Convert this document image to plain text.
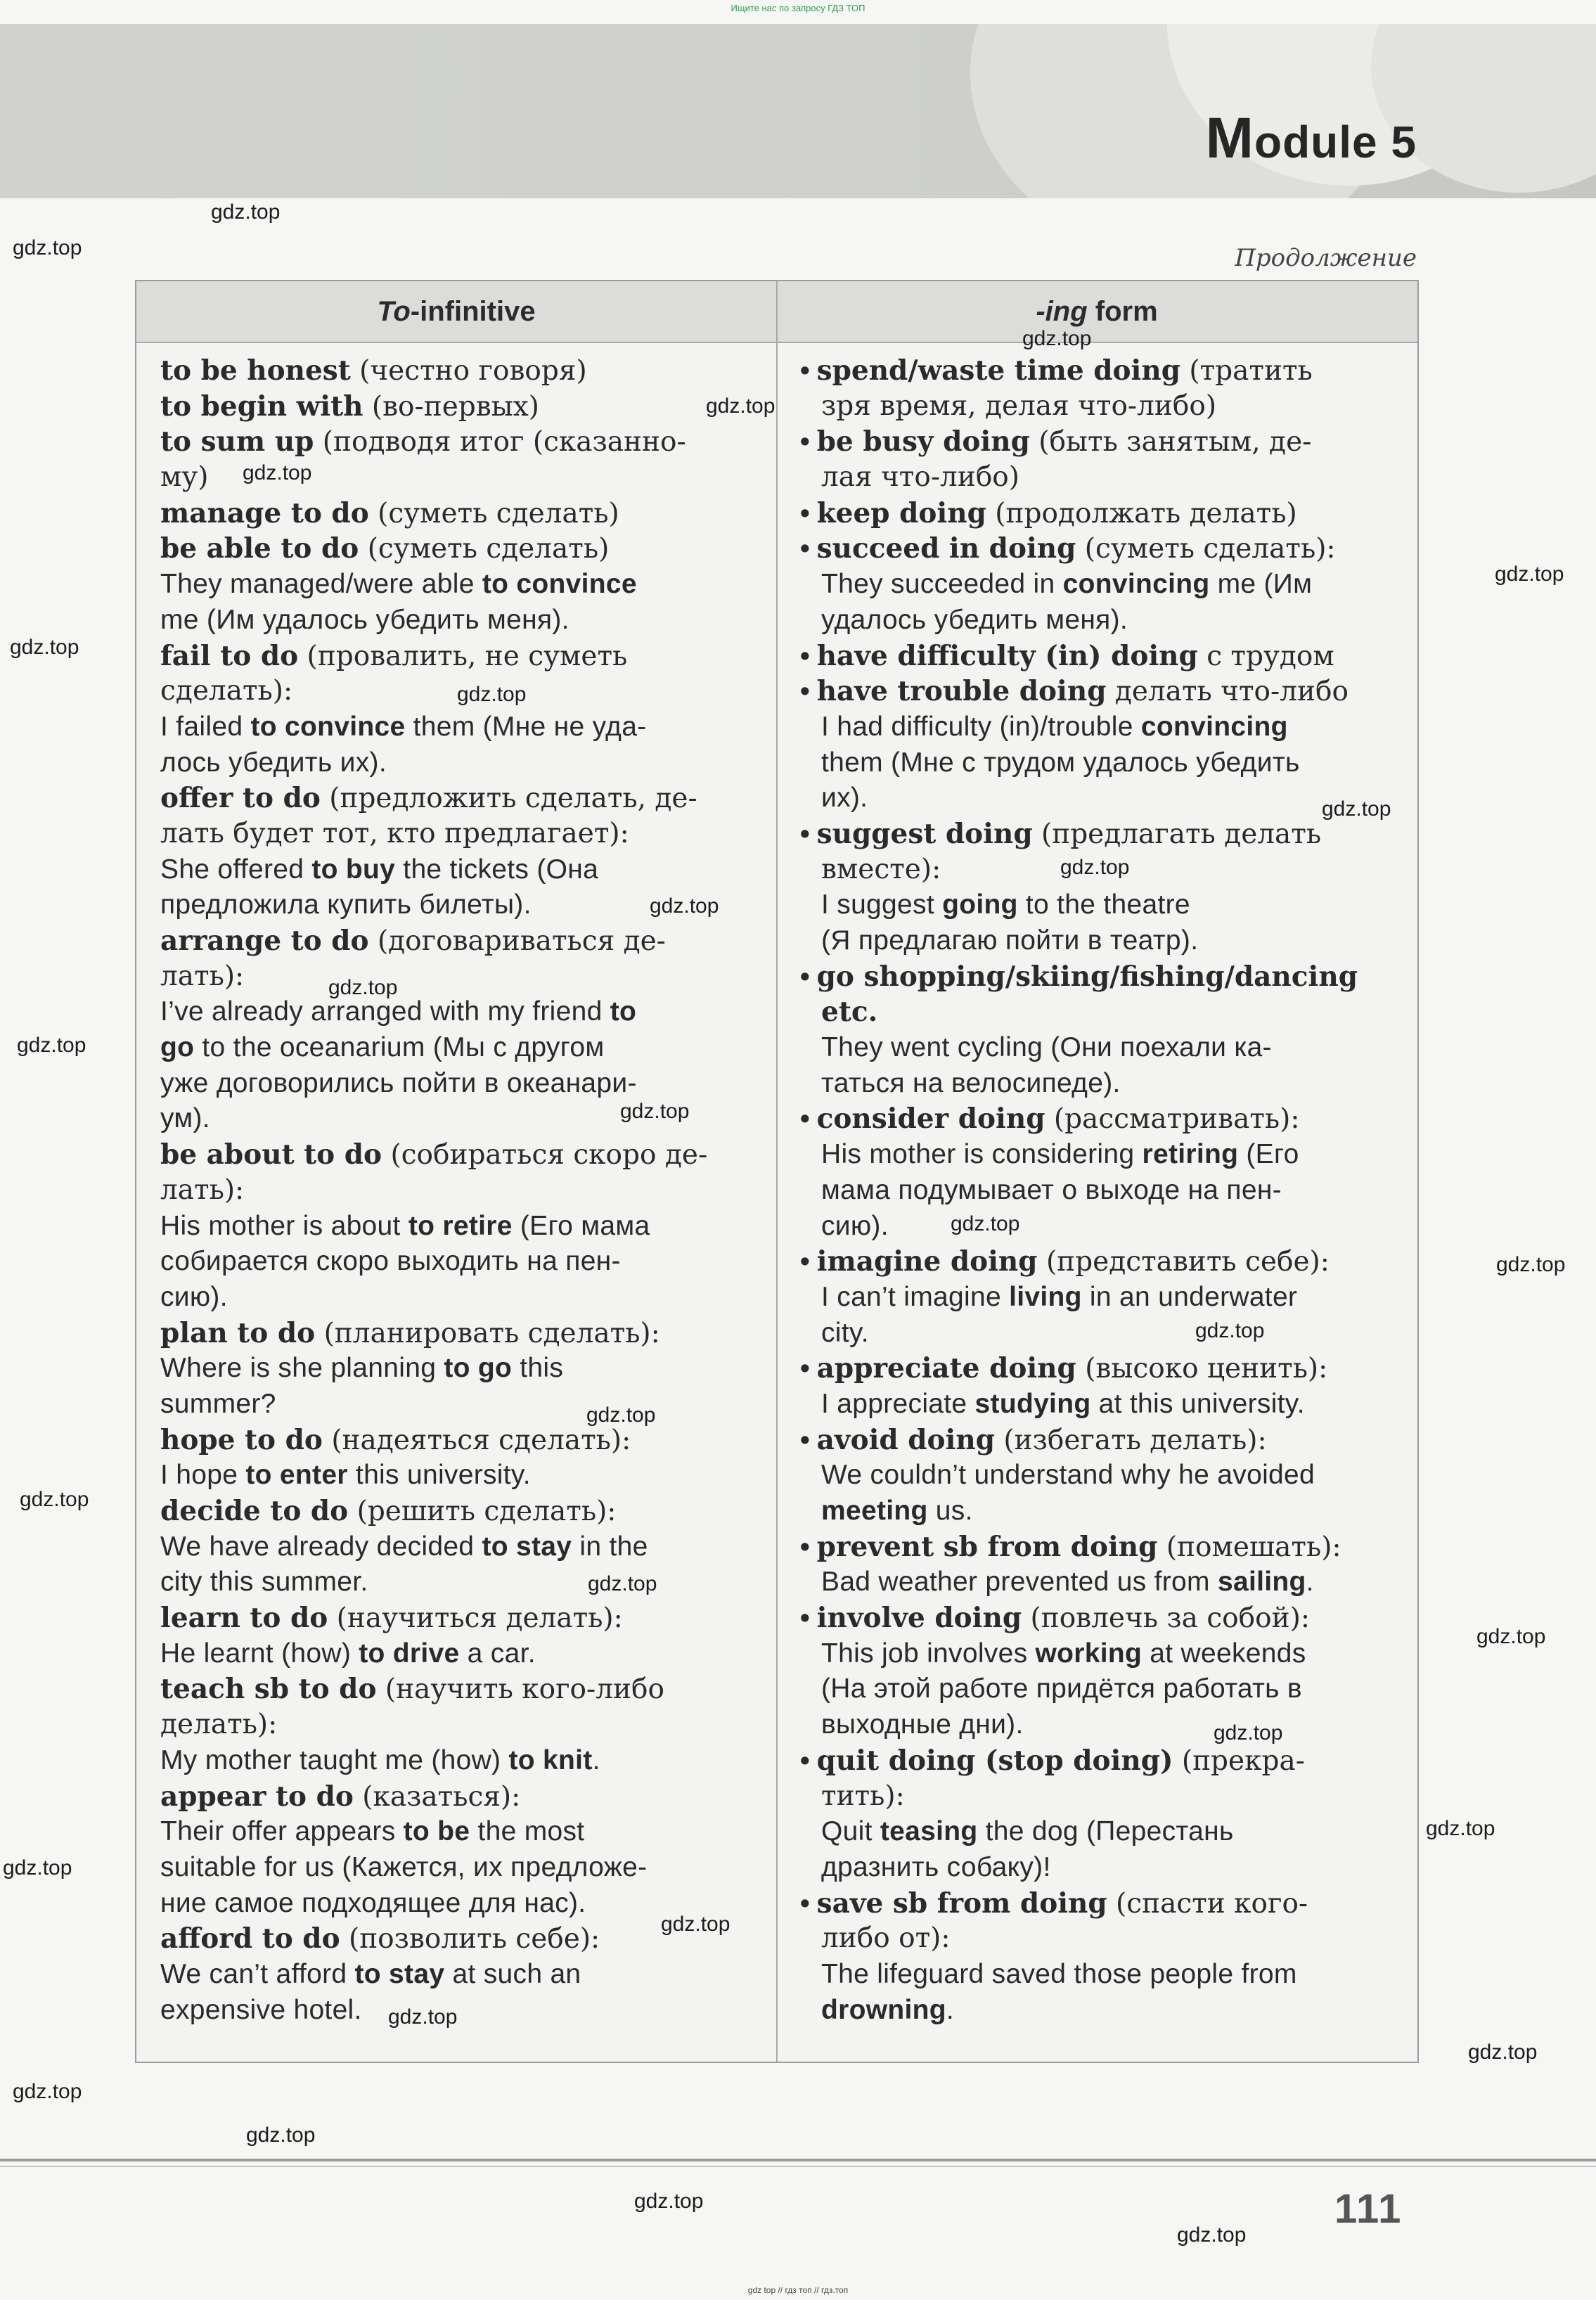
Ищите нас по запросу ГДЗ ТОП
Module 5
Продолжение
To-infinitive	-ing form
to be honest (честно говоря)
to begin with (во-первых)
to sum up (подводя итог (сказанно-
му)
manage to do (суметь сделать)
be able to do (суметь сделать)
They managed/were able to convince
me (Им удалось убедить меня).
fail to do (провалить, не суметь
сделать):
I failed to convince them (Мне не уда-
лось убедить их).
offer to do (предложить сделать, де-
лать будет тот, кто предлагает):
She offered to buy the tickets (Она
предложила купить билеты).
arrange to do (договариваться де-
лать):
I’ve already arranged with my friend to
go to the oceanarium (Мы с другом
уже договорились пойти в океанари-
ум).
be about to do (собираться скоро де-
лать):
His mother is about to retire (Его мама
собирается скоро выходить на пен-
сию).
plan to do (планировать сделать):
Where is she planning to go this
summer?
hope to do (надеяться сделать):
I hope to enter this university.
decide to do (решить сделать):
We have already decided to stay in the
city this summer.
learn to do (научиться делать):
He learnt (how) to drive a car.
teach sb to do (научить кого-либо
делать):
My mother taught me (how) to knit.
appear to do (казаться):
Their offer appears to be the most
suitable for us (Кажется, их предложе-
ние самое подходящее для нас).
afford to do (позволить себе):
We can’t afford to stay at such an
expensive hotel.
• spend/waste time doing (тратить
зря время, делая что-либо)
• be busy doing (быть занятым, де-
лая что-либо)
• keep doing (продолжать делать)
• succeed in doing (суметь сделать):
They succeeded in convincing me (Им
удалось убедить меня).
• have difficulty (in) doing с трудом
• have trouble doing делать что-либо
I had difficulty (in)/trouble convincing
them (Мне с трудом удалось убедить
их).
• suggest doing (предлагать делать
вместе):
I suggest going to the theatre
(Я предлагаю пойти в театр).
• go shopping/skiing/fishing/dancing
etc.
They went cycling (Они поехали ка-
таться на велосипеде).
• consider doing (рассматривать):
His mother is considering retiring (Его
мама подумывает о выходе на пен-
сию).
• imagine doing (представить себе):
I can’t imagine living in an underwater
city.
• appreciate doing (высоко ценить):
I appreciate studying at this university.
• avoid doing (избегать делать):
We couldn’t understand why he avoided
meeting us.
• prevent sb from doing (помешать):
Bad weather prevented us from sailing.
• involve doing (повлечь за собой):
This job involves working at weekends
(На этой работе придётся работать в
выходные дни).
• quit doing (stop doing) (прекра-
тить):
Quit teasing the dog (Перестань
дразнить собаку)!
• save sb from doing (спасти кого-
либо от):
The lifeguard saved those people from
drowning.
gdz.top
gdz.top
gdz.top
gdz.top
gdz.top
gdz.top
gdz.top
gdz.top
gdz.top
gdz.top
gdz.top
gdz.top
gdz.top
gdz.top
gdz.top
gdz.top
gdz.top
gdz.top
gdz.top
gdz.top
gdz.top
gdz.top
gdz.top
gdz.top
gdz.top
gdz.top
gdz.top
gdz.top
gdz.top
gdz.top
gdz.top
111
gdz top // гдз топ // гдз.топ
